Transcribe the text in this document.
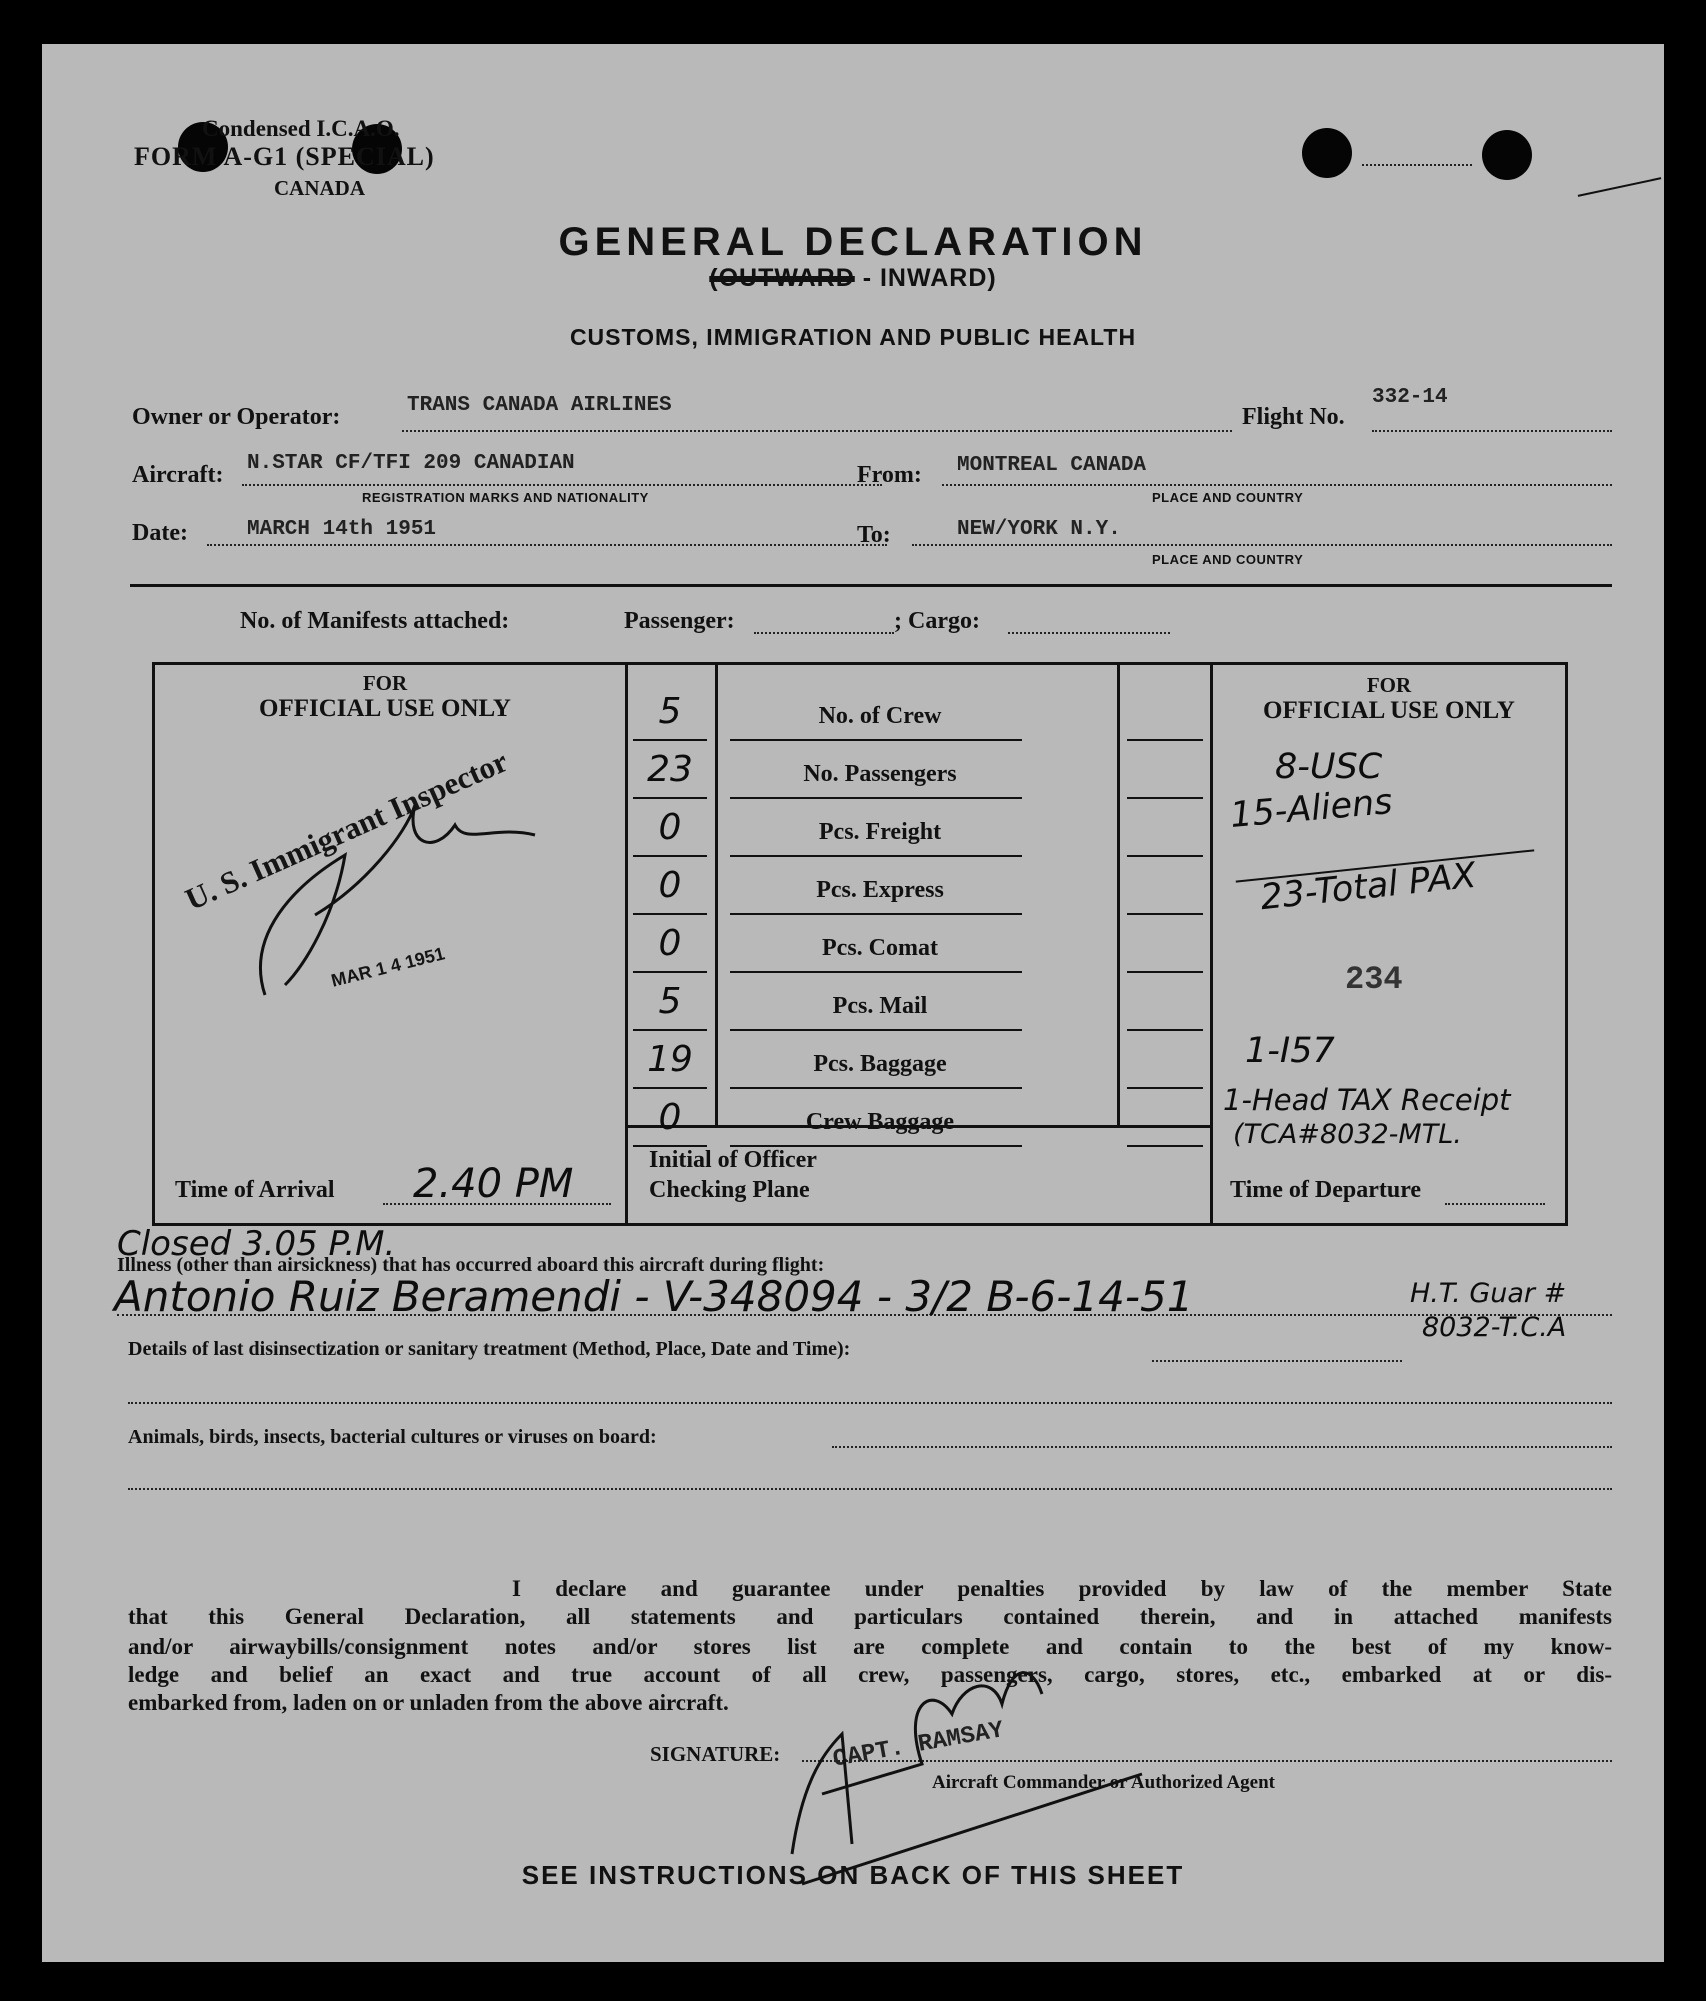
Condensed I.C.A.O.
FORM A-G1 (SPECIAL)
CANADA
GENERAL DECLARATION
(OUTWARD - INWARD)
CUSTOMS, IMMIGRATION AND PUBLIC HEALTH
Owner or Operator:	TRANS CANADA AIRLINES	Flight No.
332-14
Aircraft: N.STAR CF/TFI 209 CANADIAN
REGISTRATION MARKS AND NATIONALITY
From: MONTREAL CANADA
PLACE AND COUNTRY
Date:	MARCH 14th 1951	To:	NEW/YORK N.Y.
PLACE AND COUNTRY
No. of Manifests attached:	Passenger:	; Cargo:
FOR
OFFICIAL USE ONLY
FOR
OFFICIAL USE ONLY
5	No. of Crew
23	No. Passengers
0	Pcs. Freight
0	Pcs. Express
0	Pcs. Comat
5	Pcs. Mail
19	Pcs. Baggage
0	Crew Baggage
U. S. Immigrant Inspector
MAR 1 4 1951
Time of Arrival 2.40 PM
Initial of Officer
Checking Plane	Time of Departure
8-USC
15-Aliens
23-Total PAX
234
1-I57
1-Head TAX Receipt
(TCA#8032-MTL.
Closed 3.05 P.M.
Illness (other than airsickness) that has occurred aboard this aircraft during flight:
Antonio Ruiz Beramendi - V-348094 - 3/2 B-6-14-51	H.T. Guar #
8032-T.C.A
Details of last disinsectization or sanitary treatment (Method, Place, Date and Time):
Animals, birds, insects, bacterial cultures or viruses on board:
I declare and guarantee under penalties provided by law of the member State
that this General Declaration, all statements and particulars contained therein, and in attached manifests
and/or airwaybills/consignment notes and/or stores list are complete and contain to the best of my know-
ledge and belief an exact and true account of all crew, passengers, cargo, stores, etc., embarked at or dis-
embarked from, laden on or unladen from the above aircraft.
SIGNATURE: CAPT. RAMSAY
Aircraft Commander or Authorized Agent
SEE INSTRUCTIONS ON BACK OF THIS SHEET
